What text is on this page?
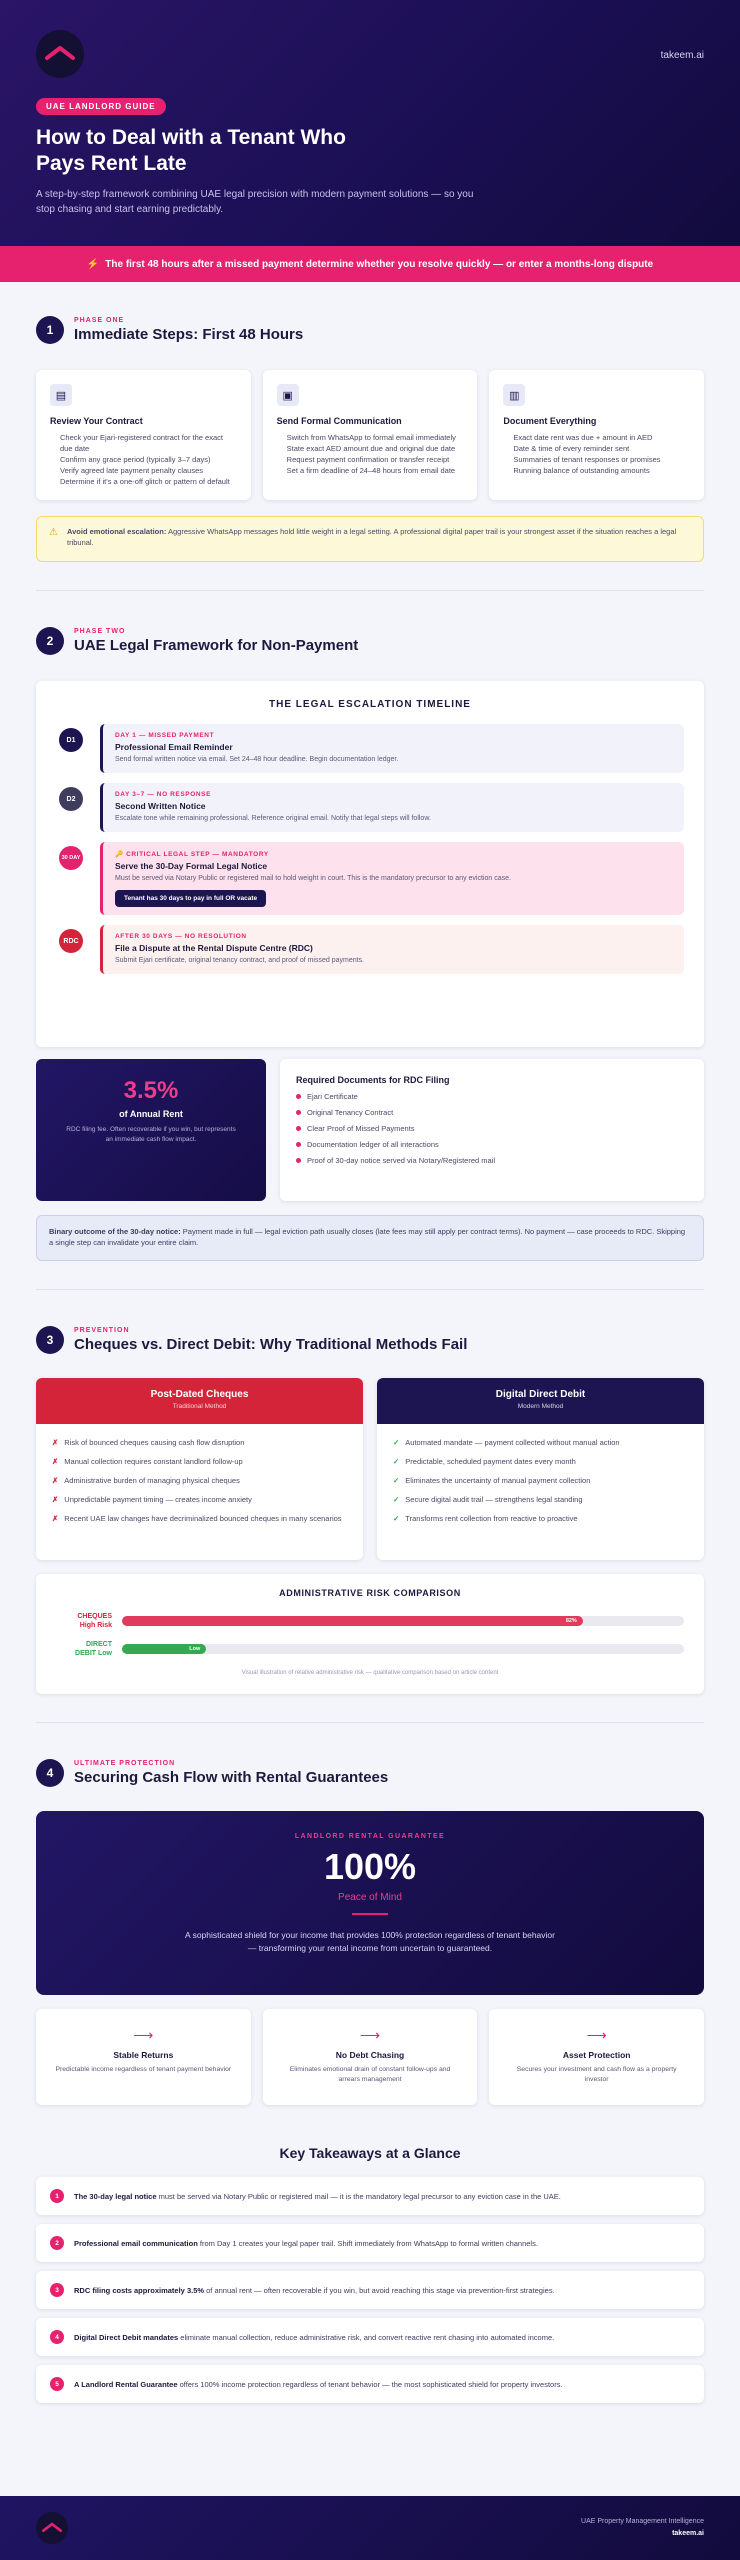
takeem.ai
UAE LANDLORD GUIDE
How to Deal with a Tenant Who Pays Rent Late

A step-by-step framework combining UAE legal precision with modern payment solutions — so you stop chasing and start earning predictably.

⚡ The first 48 hours after a missed payment determine whether you resolve quickly — or enter a months-long dispute
1
PHASE ONE
Immediate Steps: First 48 Hours
▤
Review Your Contract
Check your Ejari-registered contract for the exact due date
Confirm any grace period (typically 3–7 days)
Verify agreed late payment penalty clauses
Determine if it's a one-off glitch or pattern of default
▣
Send Formal Communication
Switch from WhatsApp to formal email immediately
State exact AED amount due and original due date
Request payment confirmation or transfer receipt
Set a firm deadline of 24–48 hours from email date
▥
Document Everything
Exact date rent was due + amount in AED
Date & time of every reminder sent
Summaries of tenant responses or promises
Running balance of outstanding amounts
⚠ Avoid emotional escalation: Aggressive WhatsApp messages hold little weight in a legal setting. A professional digital paper trail is your strongest asset if the situation reaches a legal tribunal.
2
PHASE TWO
UAE Legal Framework for Non-Payment
THE LEGAL ESCALATION TIMELINE
D1
DAY 1 — MISSED PAYMENT
Professional Email Reminder

Send formal written notice via email. Set 24–48 hour deadline. Begin documentation ledger.

D2
DAY 3–7 — NO RESPONSE
Second Written Notice

Escalate tone while remaining professional. Reference original email. Notify that legal steps will follow.

30 DAY	🔑 CRITICAL LEGAL STEP — MANDATORY
Serve the 30-Day Formal Legal Notice

Must be served via Notary Public or registered mail to hold weight in court. This is the mandatory precursor to any eviction case.

Tenant has 30 days to pay in full OR vacate
RDC
AFTER 30 DAYS — NO RESOLUTION
File a Dispute at the Rental Dispute Centre (RDC)

Submit Ejari certificate, original tenancy contract, and proof of missed payments.

3.5%
of Annual Rent
RDC filing fee. Often recoverable if you win, but represents an immediate cash flow impact.
Required Documents for RDC Filing
Ejari Certificate
Original Tenancy Contract
Clear Proof of Missed Payments
Documentation ledger of all interactions
Proof of 30-day notice served via Notary/Registered mail
Binary outcome of the 30-day notice: Payment made in full — legal eviction path usually closes (late fees may still apply per contract terms). No payment — case proceeds to RDC. Skipping a single step can invalidate your entire claim.
3
PREVENTION
Cheques vs. Direct Debit: Why Traditional Methods Fail
Post-Dated Cheques
Traditional Method
✗ Risk of bounced cheques causing cash flow disruption
✗ Manual collection requires constant landlord follow-up
✗ Administrative burden of managing physical cheques
✗ Unpredictable payment timing — creates income anxiety
✗ Recent UAE law changes have decriminalized bounced cheques in many scenarios
Digital Direct Debit
Modern Method
✓ Automated mandate — payment collected without manual action
✓ Predictable, scheduled payment dates every month
✓ Eliminates the uncertainty of manual payment collection
✓ Secure digital audit trail — strengthens legal standing
✓ Transforms rent collection from reactive to proactive
ADMINISTRATIVE RISK COMPARISON
CHEQUES
High Risk
82%
DIRECT
DEBIT Low
Low
Visual illustration of relative administrative risk — qualitative comparison based on article content
4
ULTIMATE PROTECTION
Securing Cash Flow with Rental Guarantees
LANDLORD RENTAL GUARANTEE
100%
Peace of Mind

A sophisticated shield for your income that provides 100% protection regardless of tenant behavior — transforming your rental income from uncertain to guaranteed.

⟶
Stable Returns

Predictable income regardless of tenant payment behavior

⟶
No Debt Chasing

Eliminates emotional drain of constant follow-ups and arrears management

⟶
Asset Protection

Secures your investment and cash flow as a property investor

Key Takeaways at a Glance
1	The 30-day legal notice must be served via Notary Public or registered mail — it is the mandatory legal precursor to any eviction case in the UAE.
2	Professional email communication from Day 1 creates your legal paper trail. Shift immediately from WhatsApp to formal written channels.
3	RDC filing costs approximately 3.5% of annual rent — often recoverable if you win, but avoid reaching this stage via prevention-first strategies.
4	Digital Direct Debit mandates eliminate manual collection, reduce administrative risk, and convert reactive rent chasing into automated income.
5	A Landlord Rental Guarantee offers 100% income protection regardless of tenant behavior — the most sophisticated shield for property investors.
UAE Property Management Intelligence
takeem.ai
